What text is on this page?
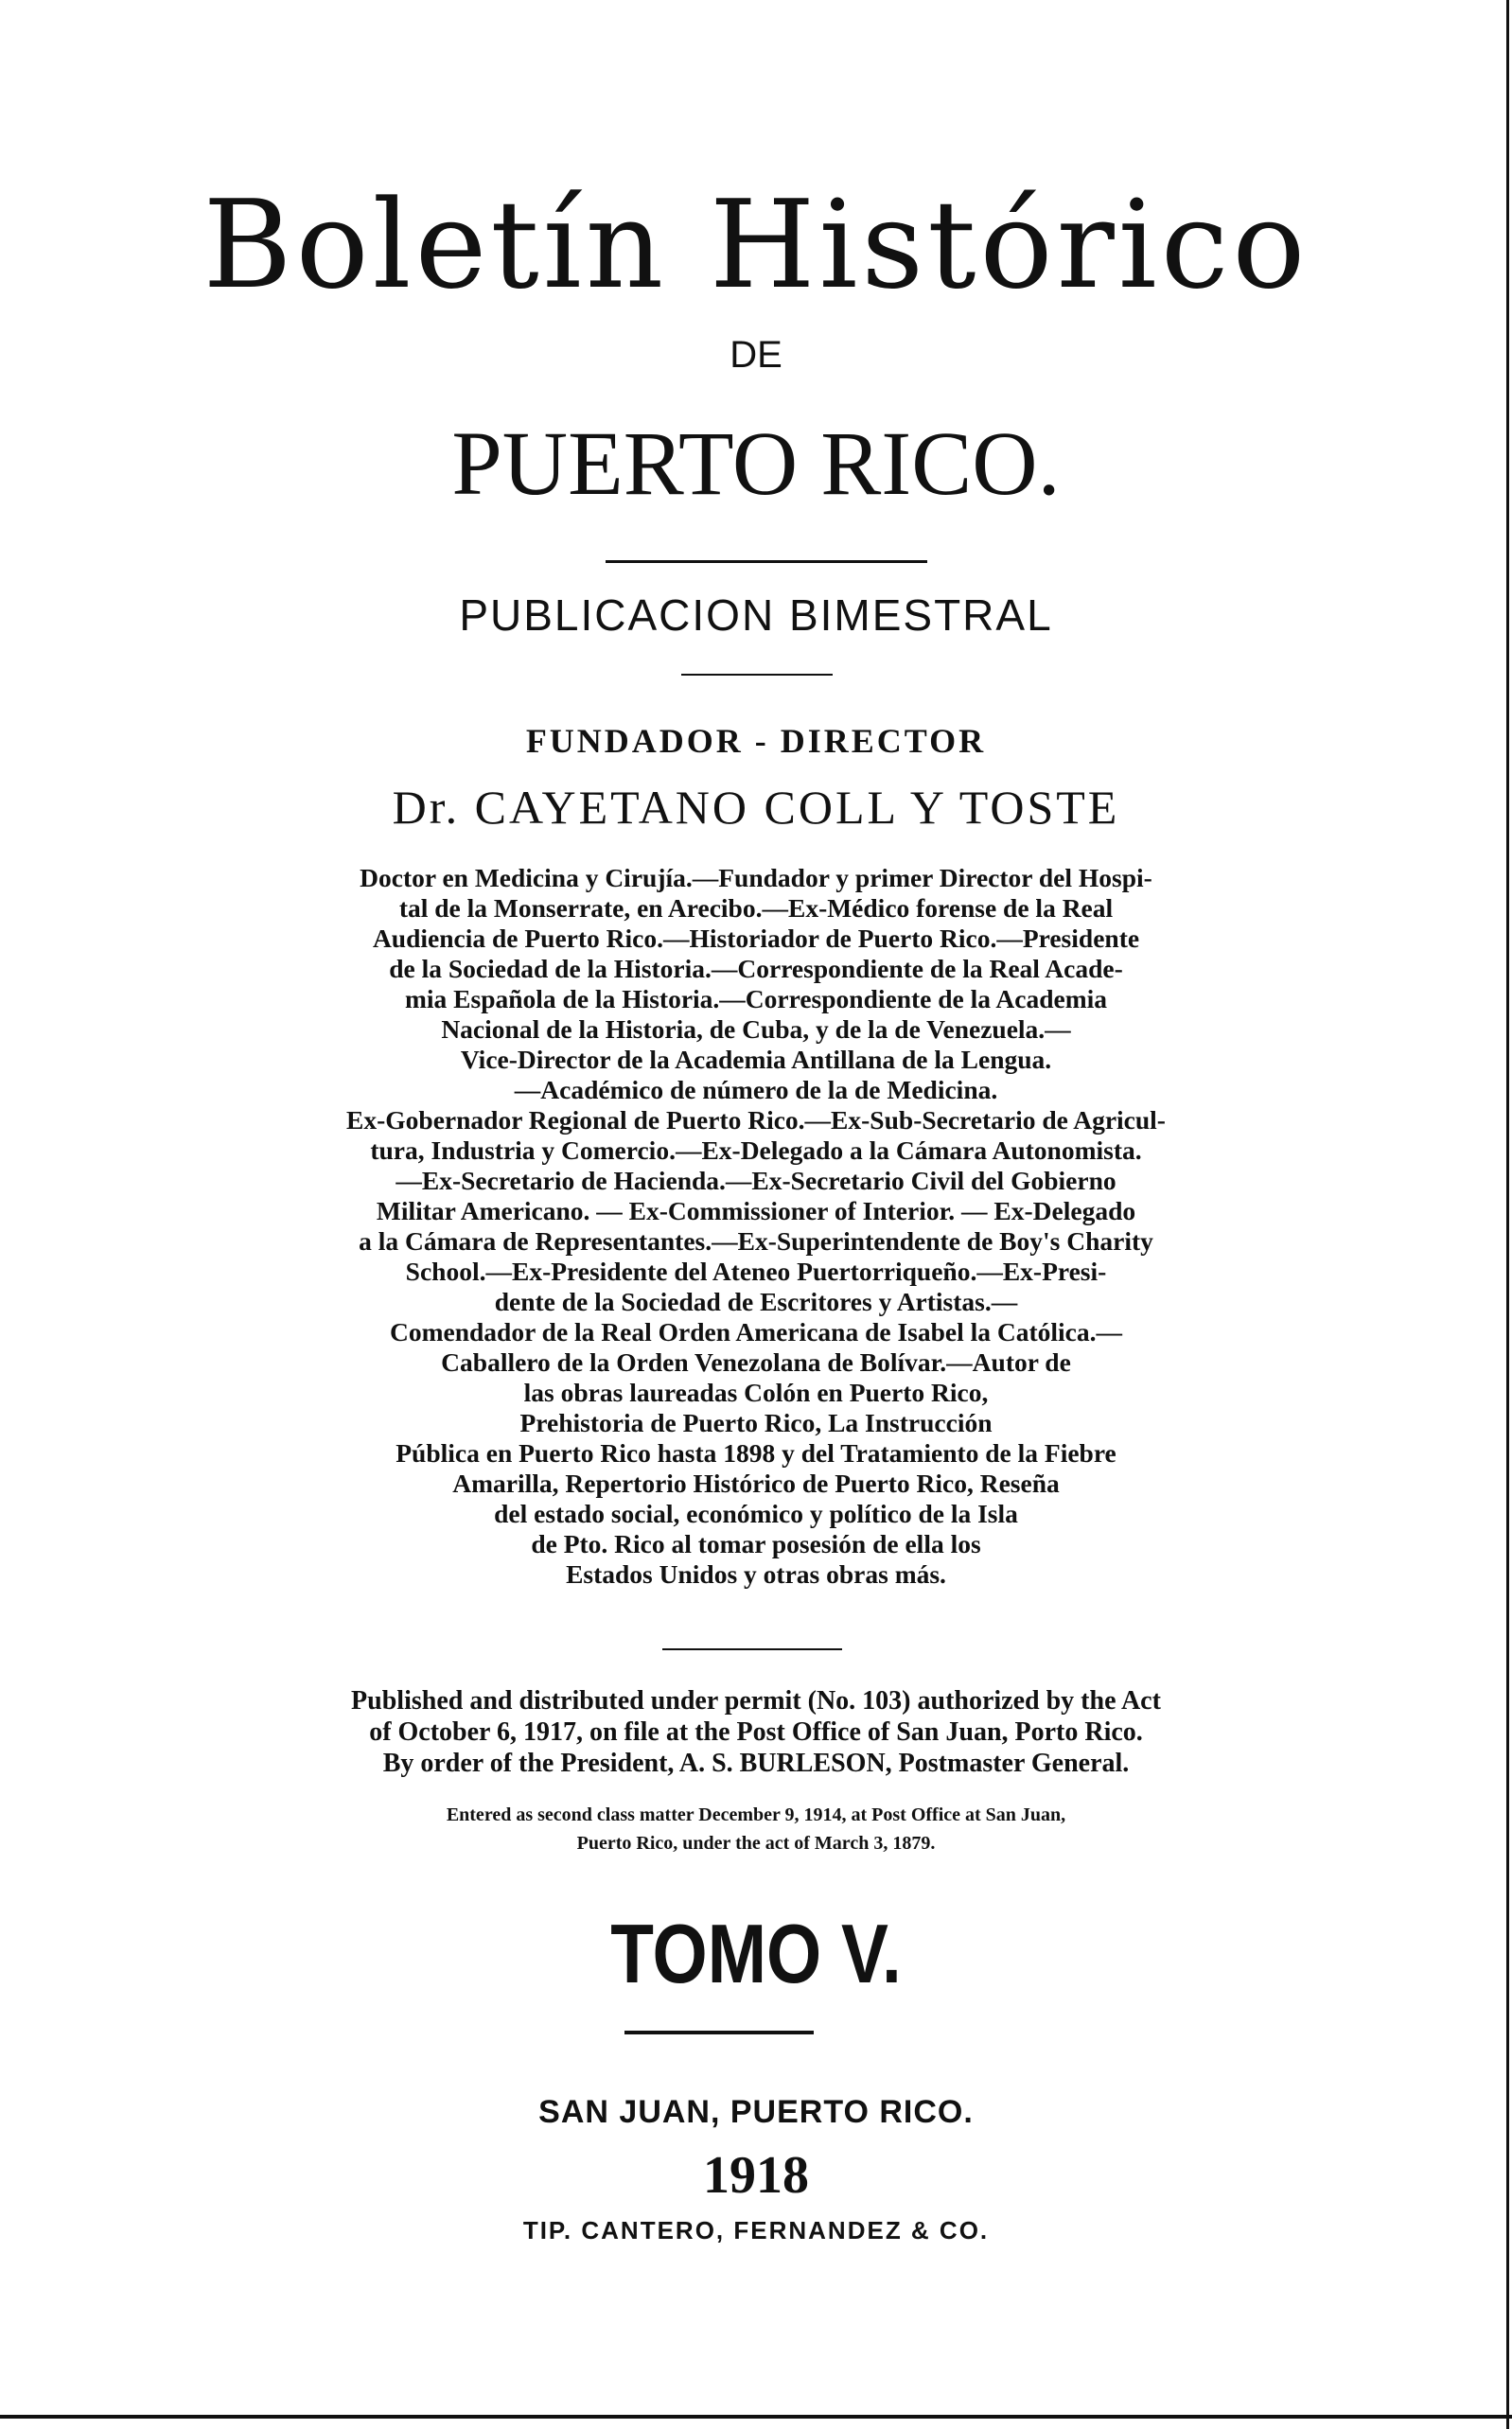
Boletín Histórico
DE
PUERTO RICO.
PUBLICACION BIMESTRAL
FUNDADOR - DIRECTOR
Dr. CAYETANO COLL Y TOSTE
Doctor en Medicina y Cirujía.—Fundador y primer Director del Hospi-
tal de la Monserrate, en Arecibo.—Ex-Médico forense de la Real
Audiencia de Puerto Rico.—Historiador de Puerto Rico.—Presidente
de la Sociedad de la Historia.—Correspondiente de la Real Acade-
mia Española de la Historia.—Correspondiente de la Academia
Nacional de la Historia, de Cuba, y de la de Venezuela.—
Vice-Director de la Academia Antillana de la Lengua.
—Académico de número de la de Medicina.
Ex-Gobernador Regional de Puerto Rico.—Ex-Sub-Secretario de Agricul-
tura, Industria y Comercio.—Ex-Delegado a la Cámara Autonomista.
—Ex-Secretario de Hacienda.—Ex-Secretario Civil del Gobierno
Militar Americano. — Ex-Commissioner of Interior. — Ex-Delegado
a la Cámara de Representantes.—Ex-Superintendente de Boy's Charity
School.—Ex-Presidente del Ateneo Puertorriqueño.—Ex-Presi-
dente de la Sociedad de Escritores y Artistas.—
Comendador de la Real Orden Americana de Isabel la Católica.—
Caballero de la Orden Venezolana de Bolívar.—Autor de
las obras laureadas Colón en Puerto Rico,
Prehistoria de Puerto Rico, La Instrucción
Pública en Puerto Rico hasta 1898 y del Tratamiento de la Fiebre
Amarilla, Repertorio Histórico de Puerto Rico, Reseña
del estado social, económico y político de la Isla
de Pto. Rico al tomar posesión de ella los
Estados Unidos y otras obras más.
Published and distributed under permit (No. 103) authorized by the Act
of October 6, 1917, on file at the Post Office of San Juan, Porto Rico.
By order of the President, A. S. BURLESON, Postmaster General.
Entered as second class matter December 9, 1914, at Post Office at San Juan,
Puerto Rico, under the act of March 3, 1879.
TOMO V.
SAN JUAN, PUERTO RICO.
1918
TIP. CANTERO, FERNANDEZ & CO.
